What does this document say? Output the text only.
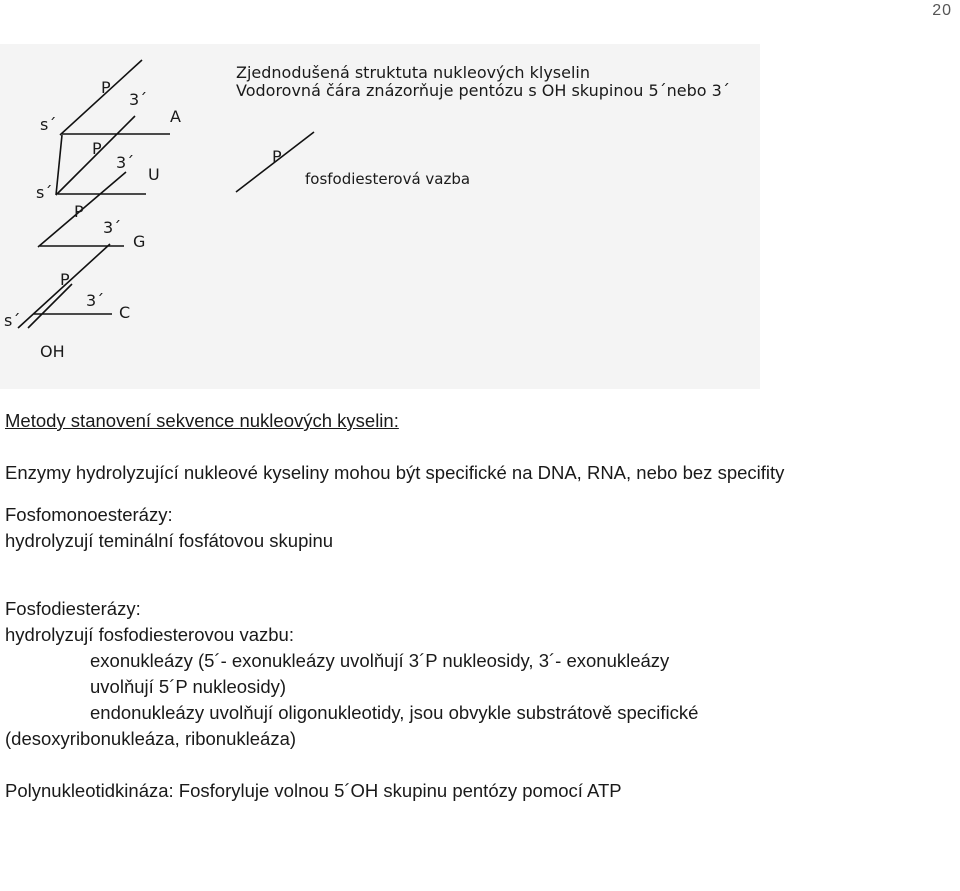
20
P
3´
s´	A
P
3´
s´
U
P
3´
G
P
3´
s´	C
OH
P
fosfodiesterová vazba
Zjednodušená struktuta nukleových klyselin
Vodorovná čára znázorňuje pentózu s OH skupinou 5´nebo 3´

Metody stanovení sekvence nukleových kyselin:

Enzymy hydrolyzující nukleové kyseliny mohou být specifické na DNA, RNA, nebo bez specifity

Fosfomonoesterázy:

hydrolyzují teminální fosfátovou skupinu

Fosfodiesterázy:

hydrolyzují fosfodiesterovou vazbu:

exonukleázy (5´- exonukleázy uvolňují 3´P nukleosidy, 3´- exonukleázy

uvolňují 5´P nukleosidy)

endonukleázy uvolňují oligonukleotidy, jsou obvykle substrátově specifické

(desoxyribonukleáza, ribonukleáza)

Polynukleotidkináza: Fosforyluje volnou 5´OH skupinu pentózy pomocí ATP
